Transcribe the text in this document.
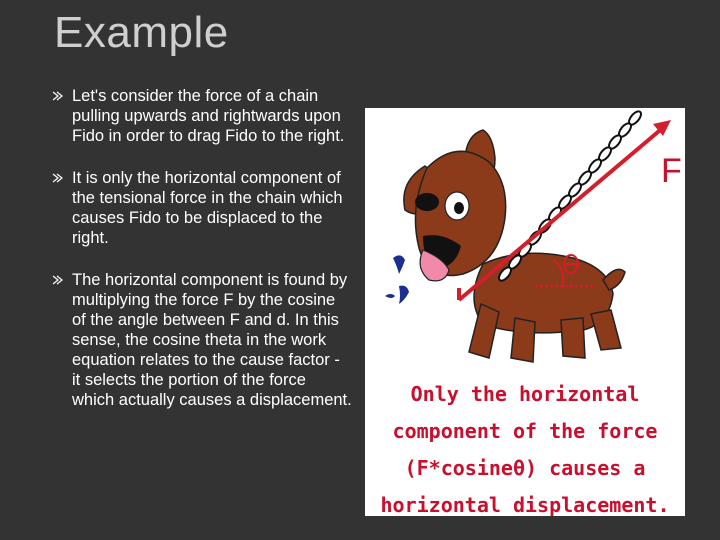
Example
Let's consider the force of a chain pulling upwards and rightwards upon Fido in order to drag Fido to the right.
It is only the horizontal component of the tensional force in the chain which causes Fido to be displaced to the right.
The horizontal component is found by multiplying the force F by the cosine of the angle between F and d. In this sense, the cosine theta in the work equation relates to the cause factor - it selects the portion of the force which actually causes a displacement.
F
Only the horizontal
component of the force
(F*cosineθ) causes a
horizontal displacement.
